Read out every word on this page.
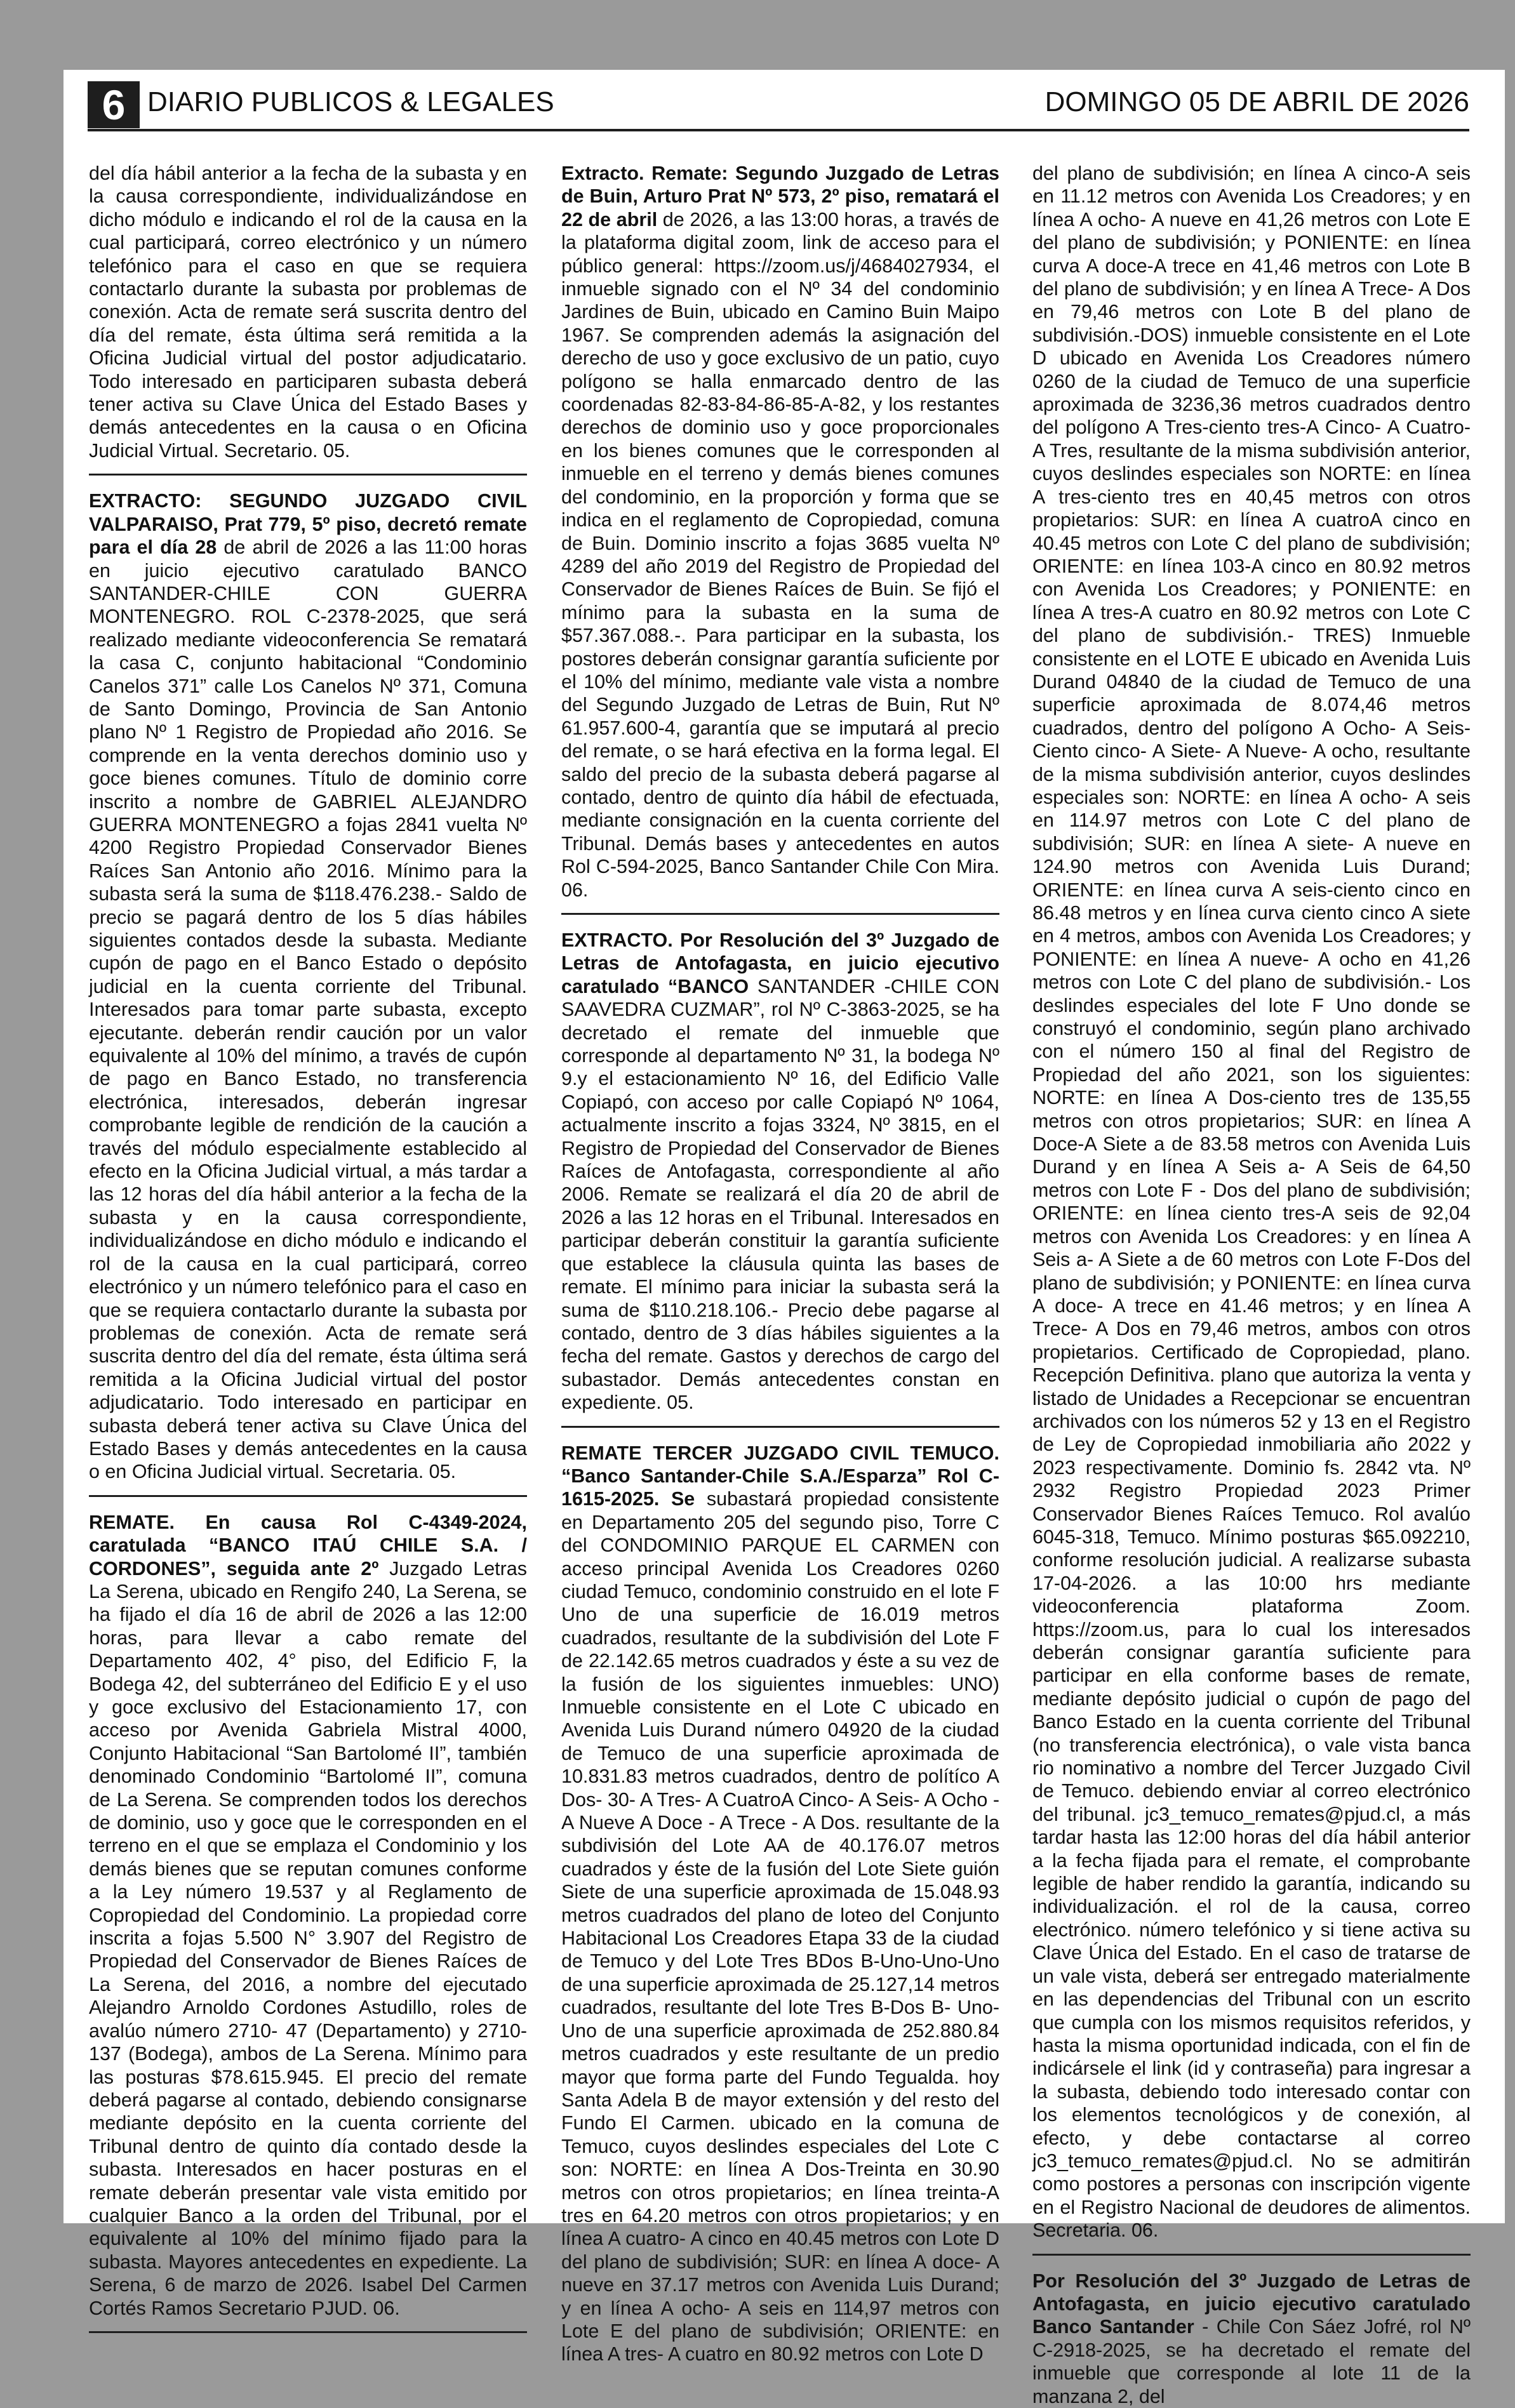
6 DIARIO PUBLICOS & LEGALES	DOMINGO 05 DE ABRIL DE 2026

del día hábil anterior a la fecha de la subasta y en la causa correspondiente, individualizándose en dicho módulo e indicando el rol de la causa en la cual participará, correo electrónico y un número telefónico para el caso en que se requiera contactarlo durante la subasta por problemas de conexión. Acta de remate será suscrita dentro del día del remate, ésta última será remitida a la Oficina Judicial virtual del postor adjudicatario. Todo interesado en participaren subasta deberá tener activa su Clave Única del Estado Bases y demás antecedentes en la causa o en Oficina Judicial Virtual. Secretario. 05.

EXTRACTO: SEGUNDO JUZGADO CIVIL VALPARAISO, Prat 779, 5º piso, decretó remate para el día 28 de abril de 2026 a las 11:00 horas en juicio ejecutivo caratulado BANCO SANTANDER-CHILE CON GUERRA MONTENEGRO. ROL C-2378-2025, que será realizado mediante videoconferencia Se rematará la casa C, conjunto habitacional “Condominio Canelos 371” calle Los Canelos Nº 371, Comuna de Santo Domingo, Provincia de San Antonio plano Nº 1 Registro de Propiedad año 2016. Se comprende en la venta derechos dominio uso y goce bienes comunes. Título de dominio corre inscrito a nombre de GABRIEL ALEJANDRO GUERRA MONTENEGRO a fojas 2841 vuelta Nº 4200 Registro Propiedad Conservador Bienes Raíces San Antonio año 2016. Mínimo para la subasta será la suma de $118.476.238.- Saldo de precio se pagará dentro de los 5 días hábiles siguientes contados desde la subasta. Mediante cupón de pago en el Banco Estado o depósito judicial en la cuenta corriente del Tribunal. Interesados para tomar parte subasta, excepto ejecutante. deberán rendir caución por un valor equivalente al 10% del mínimo, a través de cupón de pago en Banco Estado, no transferencia electrónica, interesados, deberán ingresar comprobante legible de rendición de la caución a través del módulo especialmente establecido al efecto en la Oficina Judicial virtual, a más tardar a las 12 horas del día hábil anterior a la fecha de la subasta y en la causa correspondiente, individualizándose en dicho módulo e indicando el rol de la causa en la cual participará, correo electrónico y un número telefónico para el caso en que se requiera contactarlo durante la subasta por problemas de conexión. Acta de remate será suscrita dentro del día del remate, ésta última será remitida a la Oficina Judicial virtual del postor adjudicatario. Todo interesado en participar en subasta deberá tener activa su Clave Única del Estado Bases y demás antecedentes en la causa o en Oficina Judicial virtual. Secretaria. 05.

REMATE. En causa Rol C-4349-2024, caratulada “BANCO ITAÚ CHILE S.A. / CORDONES”, seguida ante 2º Juzgado Letras La Serena, ubicado en Rengifo 240, La Serena, se ha fijado el día 16 de abril de 2026 a las 12:00 horas, para llevar a cabo remate del Departamento 402, 4° piso, del Edificio F, la Bodega 42, del subterráneo del Edificio E y el uso y goce exclusivo del Estacionamiento 17, con acceso por Avenida Gabriela Mistral 4000, Conjunto Habitacional “San Bartolomé II”, también denominado Condominio “Bartolomé II”, comuna de La Serena. Se comprenden todos los derechos de dominio, uso y goce que le corresponden en el terreno en el que se emplaza el Condominio y los demás bienes que se reputan comunes conforme a la Ley número 19.537 y al Reglamento de Copropiedad del Condominio. La propiedad corre inscrita a fojas 5.500 N° 3.907 del Registro de Propiedad del Conservador de Bienes Raíces de La Serena, del 2016, a nombre del ejecutado Alejandro Arnoldo Cordones Astudillo, roles de avalúo número 2710- 47 (Departamento) y 2710-137 (Bodega), ambos de La Serena. Mínimo para las posturas $78.615.945. El precio del remate deberá pagarse al contado, debiendo consignarse mediante depósito en la cuenta corriente del Tribunal dentro de quinto día contado desde la subasta. Interesados en hacer posturas en el remate deberán presentar vale vista emitido por cualquier Banco a la orden del Tribunal, por el equivalente al 10% del mínimo fijado para la subasta. Mayores antecedentes en expediente. La Serena, 6 de marzo de 2026. Isabel Del Carmen Cortés Ramos Secretario PJUD. 06.

Extracto. Remate: Segundo Juzgado de Letras de Buin, Arturo Prat Nº 573, 2º piso, rematará el 22 de abril de 2026, a las 13:00 horas, a través de la plataforma digital zoom, link de acceso para el público general: https://zoom.us/j/4684027934, el inmueble signado con el Nº 34 del condominio Jardines de Buin, ubicado en Camino Buin Maipo 1967. Se comprenden además la asignación del derecho de uso y goce exclusivo de un patio, cuyo polígono se halla enmarcado dentro de las coordenadas 82-83-84-86-85-A-82, y los restantes derechos de dominio uso y goce proporcionales en los bienes comunes que le corresponden al inmueble en el terreno y demás bienes comunes del condominio, en la proporción y forma que se indica en el reglamento de Copropiedad, comuna de Buin. Dominio inscrito a fojas 3685 vuelta Nº 4289 del año 2019 del Registro de Propiedad del Conservador de Bienes Raíces de Buin. Se fijó el mínimo para la subasta en la suma de $57.367.088.-. Para participar en la subasta, los postores deberán consignar garantía suficiente por el 10% del mínimo, mediante vale vista a nombre del Segundo Juzgado de Letras de Buin, Rut Nº 61.957.600-4, garantía que se imputará al precio del remate, o se hará efectiva en la forma legal. El saldo del precio de la subasta deberá pagarse al contado, dentro de quinto día hábil de efectuada, mediante consignación en la cuenta corriente del Tribunal. Demás bases y antecedentes en autos Rol C-594-2025, Banco Santander Chile Con Mira. 06.

EXTRACTO. Por Resolución del 3º Juzgado de Letras de Antofagasta, en juicio ejecutivo caratulado “BANCO SANTANDER -CHILE CON SAAVEDRA CUZMAR”, rol Nº C-3863-2025, se ha decretado el remate del inmueble que corresponde al departamento Nº 31, la bodega Nº 9.y el estacionamiento Nº 16, del Edificio Valle Copiapó, con acceso por calle Copiapó Nº 1064, actualmente inscrito a fojas 3324, Nº 3815, en el Registro de Propiedad del Conservador de Bienes Raíces de Antofagasta, correspondiente al año 2006. Remate se realizará el día 20 de abril de 2026 a las 12 horas en el Tribunal. Interesados en participar deberán constituir la garantía suficiente que establece la cláusula quinta las bases de remate. El mínimo para iniciar la subasta será la suma de $110.218.106.- Precio debe pagarse al contado, dentro de 3 días hábiles siguientes a la fecha del remate. Gastos y derechos de cargo del subastador. Demás antecedentes constan en expediente. 05.

REMATE TERCER JUZGADO CIVIL TEMUCO. “Banco Santander-Chile S.A./Esparza” Rol C-1615-2025. Se subastará propiedad consistente en Departamento 205 del segundo piso, Torre C del CONDOMINIO PARQUE EL CARMEN con acceso principal Avenida Los Creadores 0260 ciudad Temuco, condominio construido en el lote F Uno de una superficie de 16.019 metros cuadrados, resultante de la subdivisión del Lote F de 22.142.65 metros cuadrados y éste a su vez de la fusión de los siguientes inmuebles: UNO) Inmueble consistente en el Lote C ubicado en Avenida Luis Durand número 04920 de la ciudad de Temuco de una superficie aproximada de 10.831.83 metros cuadrados, dentro de polítíco A Dos- 30- A Tres- A CuatroA Cinco- A Seis- A Ocho - A Nueve A Doce - A Trece - A Dos. resultante de la subdivisión del Lote AA de 40.176.07 metros cuadrados y éste de la fusión del Lote Siete guión Siete de una superficie aproximada de 15.048.93 metros cuadrados del plano de loteo del Conjunto Habitacional Los Creadores Etapa 33 de la ciudad de Temuco y del Lote Tres BDos B-Uno-Uno-Uno de una superficie aproximada de 25.127,14 metros cuadrados, resultante del lote Tres B-Dos B- Uno- Uno de una superficie aproximada de 252.880.84 metros cuadrados y este resultante de un predio mayor que forma parte del Fundo Tegualda. hoy Santa Adela B de mayor extensión y del resto del Fundo El Carmen. ubicado en la comuna de Temuco, cuyos deslindes especiales del Lote C son: NORTE: en línea A Dos-Treinta en 30.90 metros con otros propietarios; en línea treinta-A tres en 64.20 metros con otros propietarios; y en línea A cuatro- A cinco en 40.45 metros con Lote D del plano de subdivisión; SUR: en línea A doce- A nueve en 37.17 metros con Avenida Luis Durand; y en línea A ocho- A seis en 114,97 metros con Lote E del plano de subdivisión; ORIENTE: en línea A tres- A cuatro en 80.92 metros con Lote D

del plano de subdivisión; en línea A cinco-A seis en 11.12 metros con Avenida Los Creadores; y en línea A ocho- A nueve en 41,26 metros con Lote E del plano de subdivisión; y PONIENTE: en línea curva A doce-A trece en 41,46 metros con Lote B del plano de subdivisión; y en línea A Trece- A Dos en 79,46 metros con Lote B del plano de subdivisión.-DOS) inmueble consistente en el Lote D ubicado en Avenida Los Creadores número 0260 de la ciudad de Temuco de una superficie aproximada de 3236,36 metros cuadrados dentro del polígono A Tres-ciento tres-A Cinco- A Cuatro- A Tres, resultante de la misma subdivisión anterior, cuyos deslindes especiales son NORTE: en línea A tres-ciento tres en 40,45 metros con otros propietarios: SUR: en línea A cuatroA cinco en 40.45 metros con Lote C del plano de subdivisión; ORIENTE: en línea 103-A cinco en 80.92 metros con Avenida Los Creadores; y PONIENTE: en línea A tres-A cuatro en 80.92 metros con Lote C del plano de subdivisión.- TRES) Inmueble consistente en el LOTE E ubicado en Avenida Luis Durand 04840 de la ciudad de Temuco de una superficie aproximada de 8.074,46 metros cuadrados, dentro del polígono A Ocho- A Seis- Ciento cinco- A Siete- A Nueve- A ocho, resultante de la misma subdivisión anterior, cuyos deslindes especiales son: NORTE: en línea A ocho- A seis en 114.97 metros con Lote C del plano de subdivisión; SUR: en línea A siete- A nueve en 124.90 metros con Avenida Luis Durand; ORIENTE: en línea curva A seis-ciento cinco en 86.48 metros y en línea curva ciento cinco A siete en 4 metros, ambos con Avenida Los Creadores; y PONIENTE: en línea A nueve- A ocho en 41,26 metros con Lote C del plano de subdivisión.- Los deslindes especiales del lote F Uno donde se construyó el condominio, según plano archivado con el número 150 al final del Registro de Propiedad del año 2021, son los siguientes: NORTE: en línea A Dos-ciento tres de 135,55 metros con otros propietarios; SUR: en línea A Doce-A Siete a de 83.58 metros con Avenida Luis Durand y en línea A Seis a- A Seis de 64,50 metros con Lote F - Dos del plano de subdivisión; ORIENTE: en línea ciento tres-A seis de 92,04 metros con Avenida Los Creadores: y en línea A Seis a- A Siete a de 60 metros con Lote F-Dos del plano de subdivisión; y PONIENTE: en línea curva A doce- A trece en 41.46 metros; y en línea A Trece- A Dos en 79,46 metros, ambos con otros propietarios. Certificado de Copropiedad, plano. Recepción Definitiva. plano que autoriza la venta y listado de Unidades a Recepcionar se encuentran archivados con los números 52 y 13 en el Registro de Ley de Copropiedad inmobiliaria año 2022 y 2023 respectivamente. Dominio fs. 2842 vta. Nº 2932 Registro Propiedad 2023 Primer Conservador Bienes Raíces Temuco. Rol avalúo 6045-318, Temuco. Mínimo posturas $65.092210, conforme resolución judicial. A realizarse subasta 17-04-2026. a las 10:00 hrs mediante videoconferencia plataforma Zoom. https://zoom.us, para lo cual los interesados deberán consignar garantía suficiente para participar en ella conforme bases de remate, mediante depósito judicial o cupón de pago del Banco Estado en la cuenta corriente del Tribunal (no transferencia electrónica), o vale vista banca rio nominativo a nombre del Tercer Juzgado Civil de Temuco. debiendo enviar al correo electrónico del tribunal. jc3_temuco_remates@pjud.cl, a más tardar hasta las 12:00 horas del día hábil anterior a la fecha fijada para el remate, el comprobante legible de haber rendido la garantía, indicando su individualización. el rol de la causa, correo electrónico. número telefónico y si tiene activa su Clave Única del Estado. En el caso de tratarse de un vale vista, deberá ser entregado materialmente en las dependencias del Tribunal con un escrito que cumpla con los mismos requisitos referidos, y hasta la misma oportunidad indicada, con el fin de indicársele el link (id y contraseña) para ingresar a la subasta, debiendo todo interesado contar con los elementos tecnológicos y de conexión, al efecto, y debe contactarse al correo jc3_temuco_remates@pjud.cl. No se admitirán como postores a personas con inscripción vigente en el Registro Nacional de deudores de alimentos. Secretaria. 06.

Por Resolución del 3º Juzgado de Letras de Antofagasta, en juicio ejecutivo caratulado Banco Santander - Chile Con Sáez Jofré, rol Nº C-2918-2025, se ha decretado el remate del inmueble que corresponde al lote 11 de la manzana 2, del
